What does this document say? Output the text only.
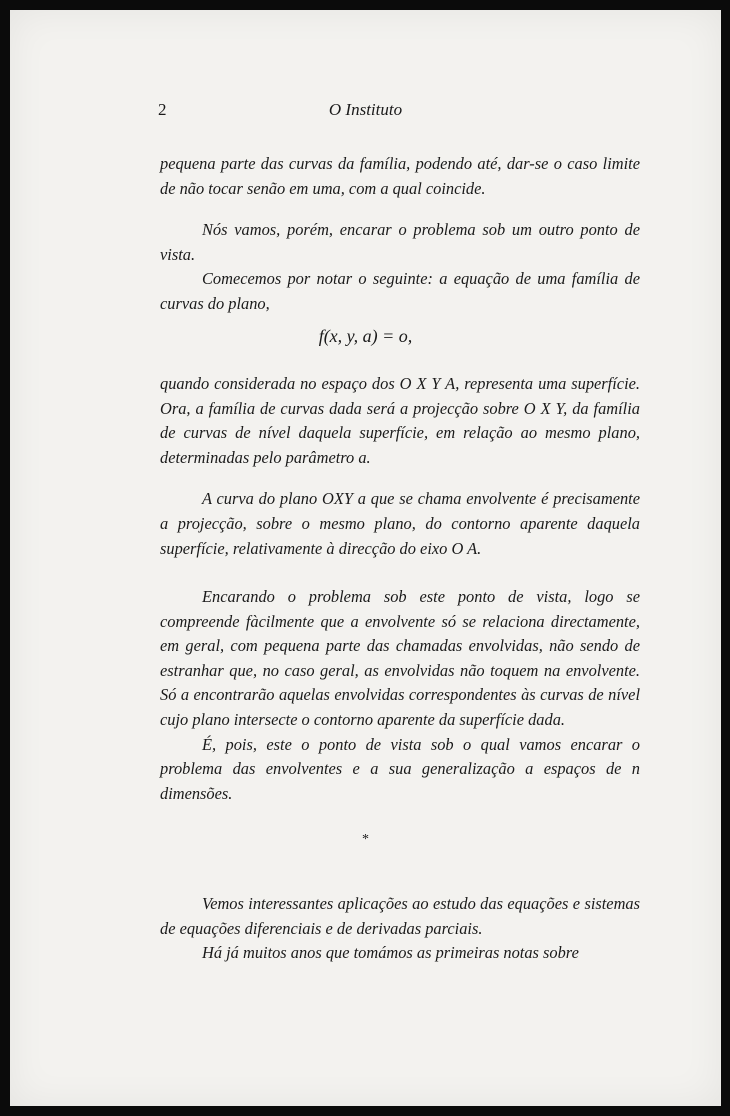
2	O Instituto

pequena parte das curvas da família, podendo até, dar-se o caso limite de não tocar senão em uma, com a qual coincide.

Nós vamos, porém, encarar o problema sob um outro ponto de vista.

Comecemos por notar o seguinte: a equação de uma família de curvas do plano,

f(x, y, a) = o,

quando considerada no espaço dos O X Y A, representa uma superfície. Ora, a família de curvas dada será a projecção sobre O X Y, da família de curvas de nível daquela superfície, em relação ao mesmo plano, determinadas pelo parâmetro a.

A curva do plano OXY a que se chama envolvente é precisamente a projecção, sobre o mesmo plano, do contorno aparente daquela superfície, relativamente à direcção do eixo O A.

Encarando o problema sob este ponto de vista, logo se compreende fàcilmente que a envolvente só se relaciona directamente, em geral, com pequena parte das chamadas envolvidas, não sendo de estranhar que, no caso geral, as envolvidas não toquem na envolvente. Só a encontrarão aquelas envolvidas correspondentes às curvas de nível cujo plano intersecte o contorno aparente da superfície dada.

É, pois, este o ponto de vista sob o qual vamos encarar o problema das envolventes e a sua generalização a espaços de n dimensões.

*

Vemos interessantes aplicações ao estudo das equações e sistemas de equações diferenciais e de derivadas parciais.

Há já muitos anos que tomámos as primeiras notas sobre
